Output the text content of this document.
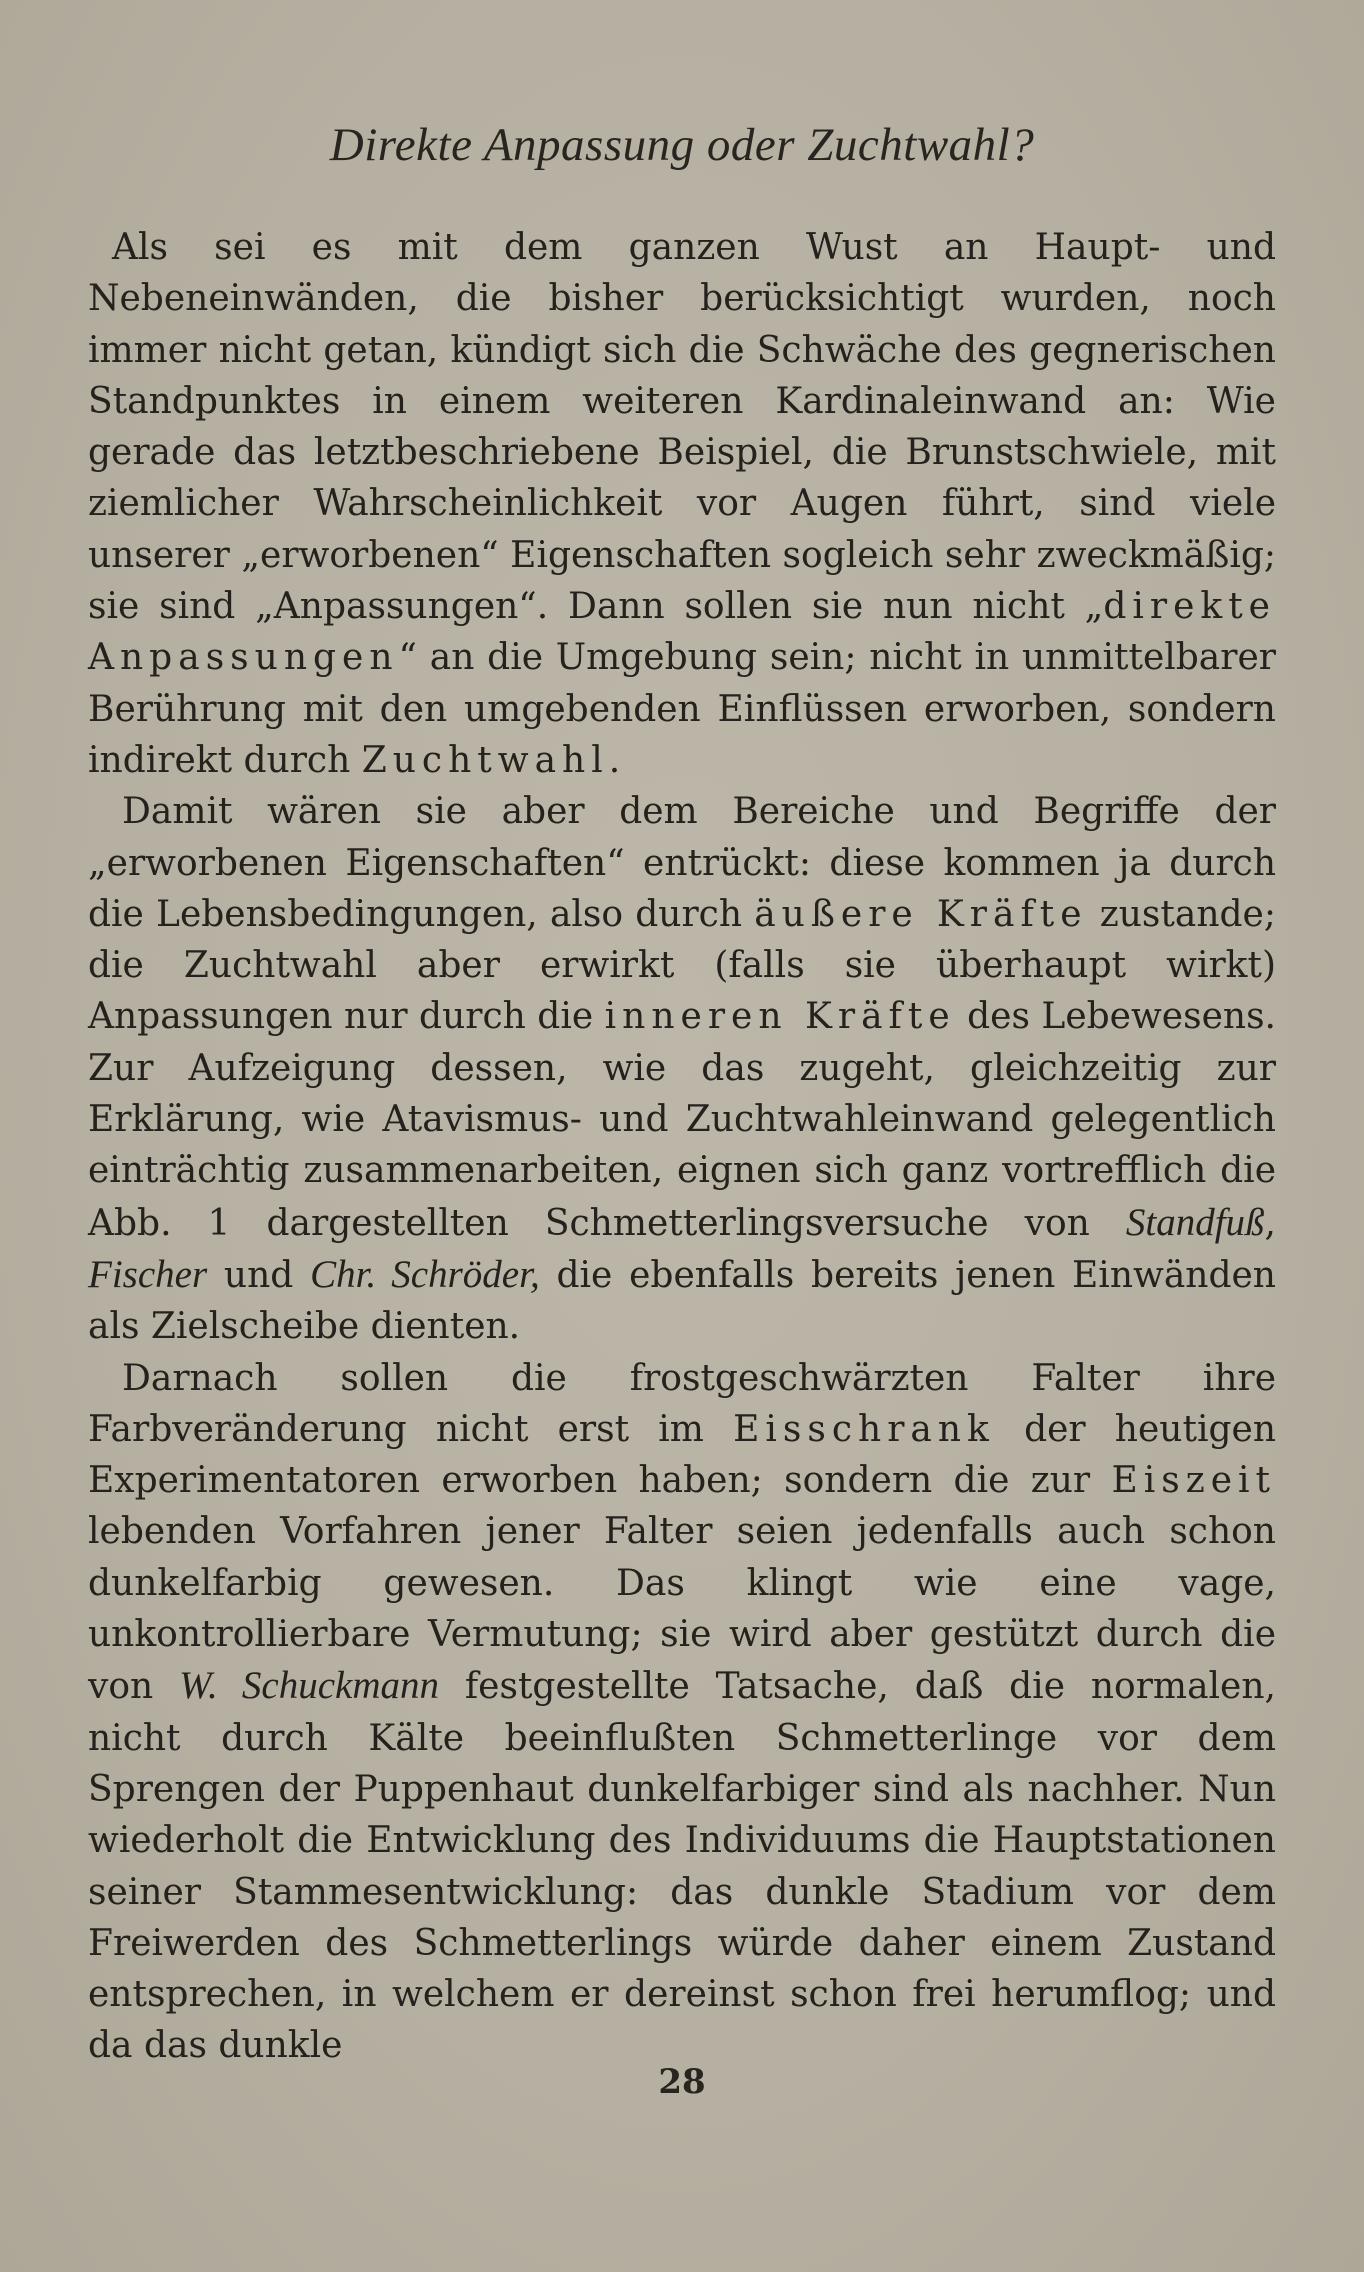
Direkte Anpassung oder Zuchtwahl?

Als sei es mit dem ganzen Wust an Haupt- und Nebeneinwänden, die bisher berücksichtigt wurden, noch immer nicht getan, kündigt sich die Schwäche des gegnerischen Standpunktes in einem weiteren Kardinaleinwand an: Wie gerade das letztbeschriebene Beispiel, die Brunstschwiele, mit ziemlicher Wahrscheinlichkeit vor Augen führt, sind viele unserer „erworbenen“ Eigenschaften sogleich sehr zweckmäßig; sie sind „Anpassungen“. Dann sollen sie nun nicht „direkte Anpassungen“ an die Umgebung sein; nicht in unmittelbarer Berührung mit den umgebenden Einflüssen erworben, sondern indirekt durch Zuchtwahl.

Damit wären sie aber dem Bereiche und Begriffe der „erworbenen Eigenschaften“ entrückt: diese kommen ja durch die Lebensbedingungen, also durch äußere Kräfte zustande; die Zuchtwahl aber erwirkt (falls sie überhaupt wirkt) Anpassungen nur durch die inneren Kräfte des Lebewesens. Zur Aufzeigung dessen, wie das zugeht, gleichzeitig zur Erklärung, wie Atavismus- und Zuchtwahleinwand gelegentlich einträchtig zusammenarbeiten, eignen sich ganz vortrefflich die Abb. 1 dargestellten Schmetterlingsversuche von Standfuß, Fischer und Chr. Schröder, die ebenfalls bereits jenen Einwänden als Zielscheibe dienten.

Darnach sollen die frostgeschwärzten Falter ihre Farbveränderung nicht erst im Eisschrank der heutigen Experimentatoren erworben haben; sondern die zur Eiszeit lebenden Vorfahren jener Falter seien jedenfalls auch schon dunkelfarbig gewesen. Das klingt wie eine vage, unkontrollierbare Vermutung; sie wird aber gestützt durch die von W. Schuckmann festgestellte Tatsache, daß die normalen, nicht durch Kälte beeinflußten Schmetterlinge vor dem Sprengen der Puppenhaut dunkelfarbiger sind als nachher. Nun wiederholt die Entwicklung des Individuums die Hauptstationen seiner Stammesentwicklung: das dunkle Stadium vor dem Freiwerden des Schmetterlings würde daher einem Zustand entsprechen, in welchem er dereinst schon frei herumflog; und da das dunkle

28
